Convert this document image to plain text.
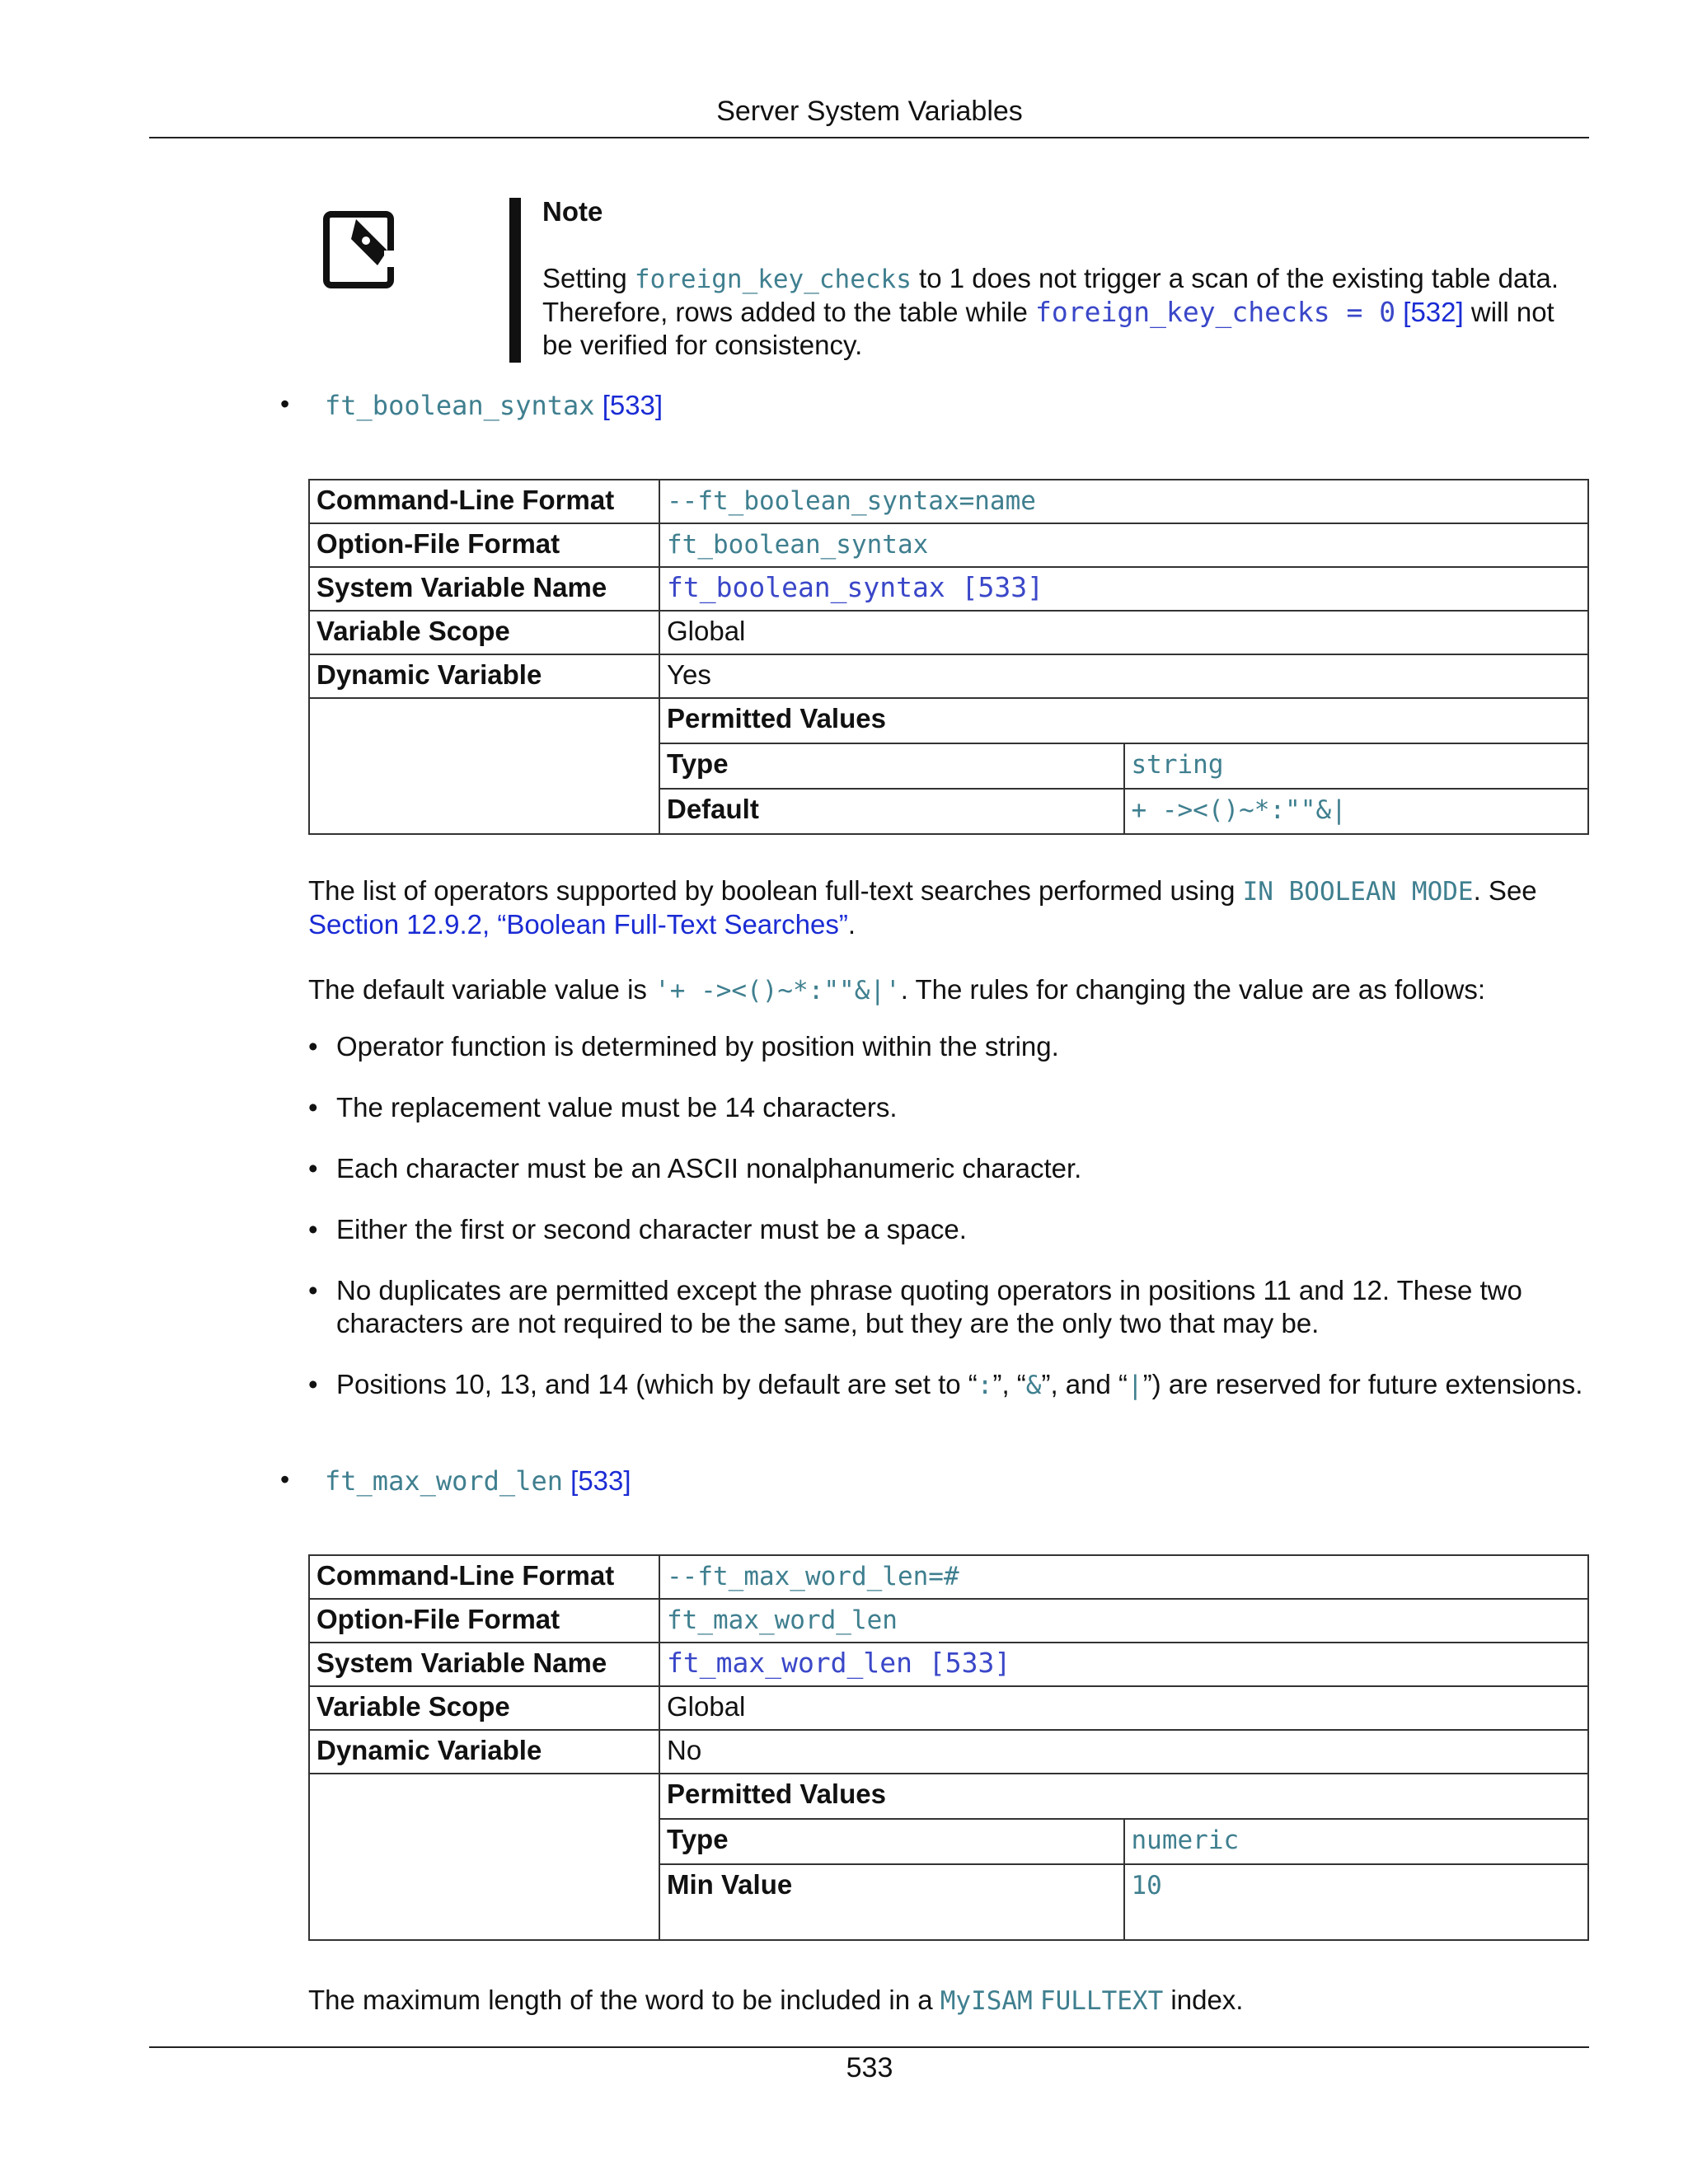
Server System Variables
Note
Setting foreign_key_checks to 1 does not trigger a scan of the existing table data. Therefore, rows added to the table while foreign_key_checks = 0 [532] will not be verified for consistency.
• ft_boolean_syntax [533]
Command-Line Format	--ft_boolean_syntax=name
Option-File Format	ft_boolean_syntax
System Variable Name	ft_boolean_syntax [533]
Variable Scope	Global
Dynamic Variable	Yes

Permitted Values
Type	string
Default	+ -><()~*:""&|
The list of operators supported by boolean full-text searches performed using IN BOOLEAN MODE. See Section 12.9.2, “Boolean Full-Text Searches”.
The default variable value is '+ -><()~*:""&|'. The rules for changing the value are as follows:
• Operator function is determined by position within the string.
• The replacement value must be 14 characters.
• Each character must be an ASCII nonalphanumeric character.
• Either the first or second character must be a space.
• No duplicates are permitted except the phrase quoting operators in positions 11 and 12. These two characters are not required to be the same, but they are the only two that may be.
• Positions 10, 13, and 14 (which by default are set to “:”, “&”, and “|”) are reserved for future extensions.
• ft_max_word_len [533]
Command-Line Format	--ft_max_word_len=#
Option-File Format	ft_max_word_len
System Variable Name	ft_max_word_len [533]
Variable Scope	Global
Dynamic Variable	No

Permitted Values
Type	numeric
Min Value	10
The maximum length of the word to be included in a MyISAM FULLTEXT index.
533
